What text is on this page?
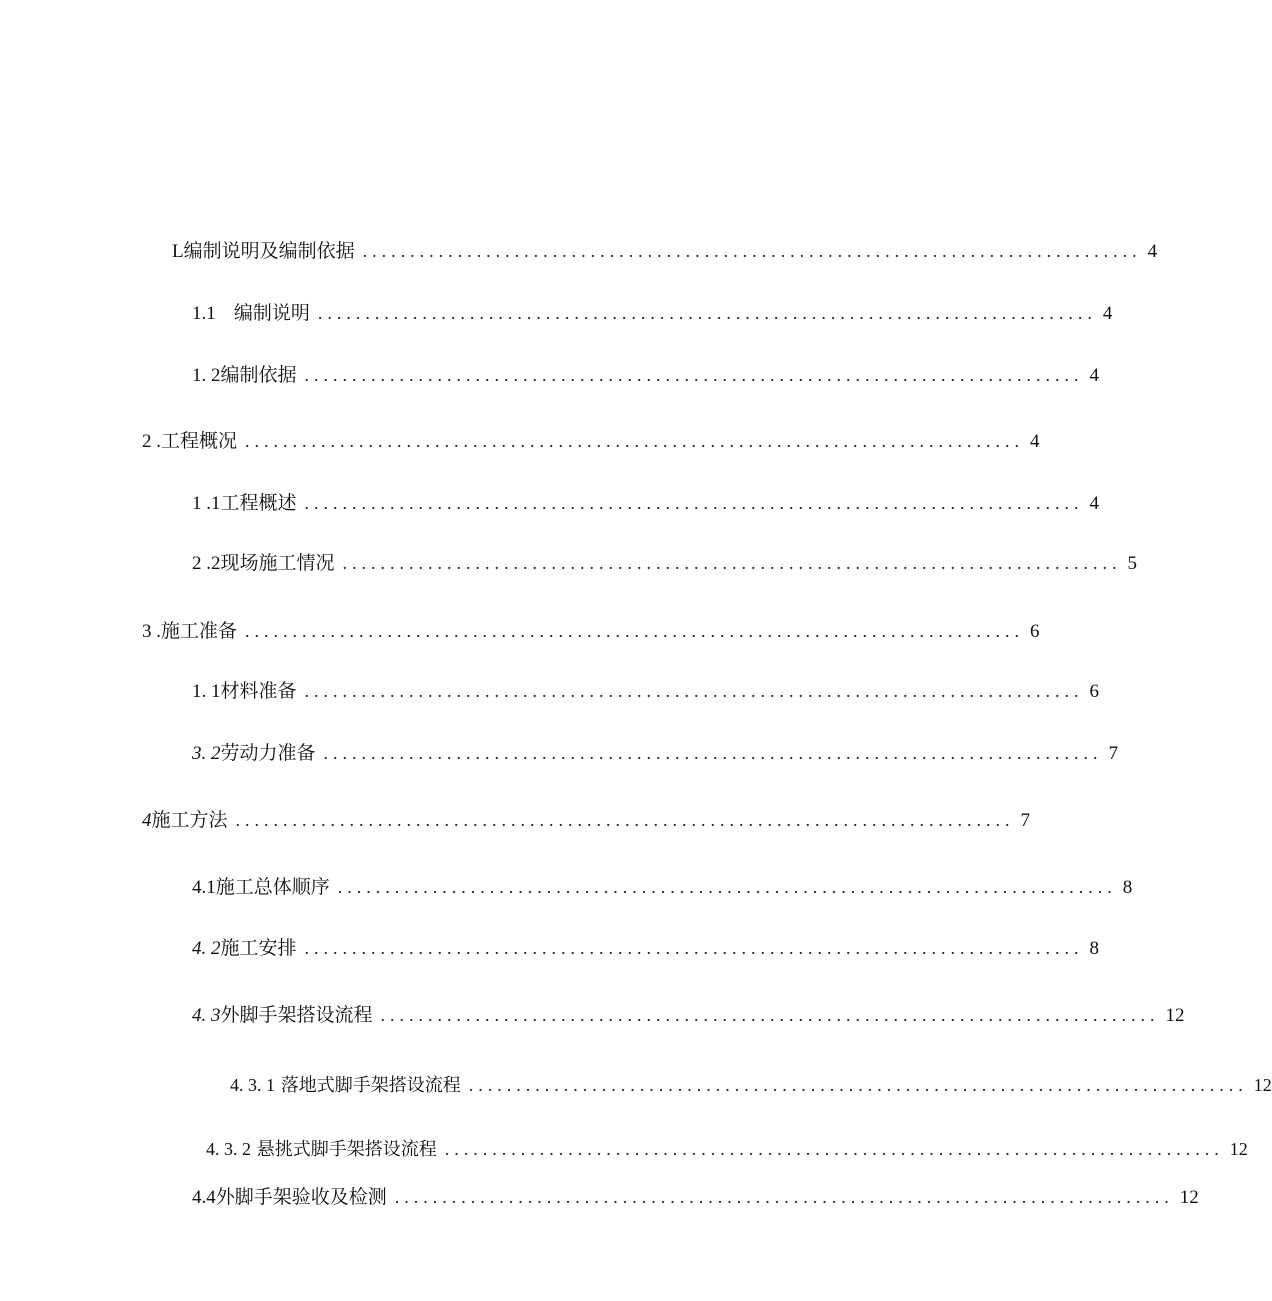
L编制说明及编制依据 .................................................................................. 4
1.1 编制说明 .................................................................................. 4
1. 2编制依据 .................................................................................. 4
2 .工程概况 .................................................................................. 4
1 .1工程概述 .................................................................................. 4
2 .2现场施工情况 .................................................................................. 5
3 .施工准备 .................................................................................. 6
1. 1材料准备 .................................................................................. 6
3. 2劳动力准备 .................................................................................. 7
4施工方法 .................................................................................. 7
4.1施工总体顺序 .................................................................................. 8
4. 2施工安排 .................................................................................. 8
4. 3外脚手架搭设流程 .................................................................................. 12
4. 3. 1 落地式脚手架搭设流程 .................................................................................. 12
4. 3. 2 悬挑式脚手架搭设流程 .................................................................................. 12
4.4外脚手架验收及检测 .................................................................................. 12
